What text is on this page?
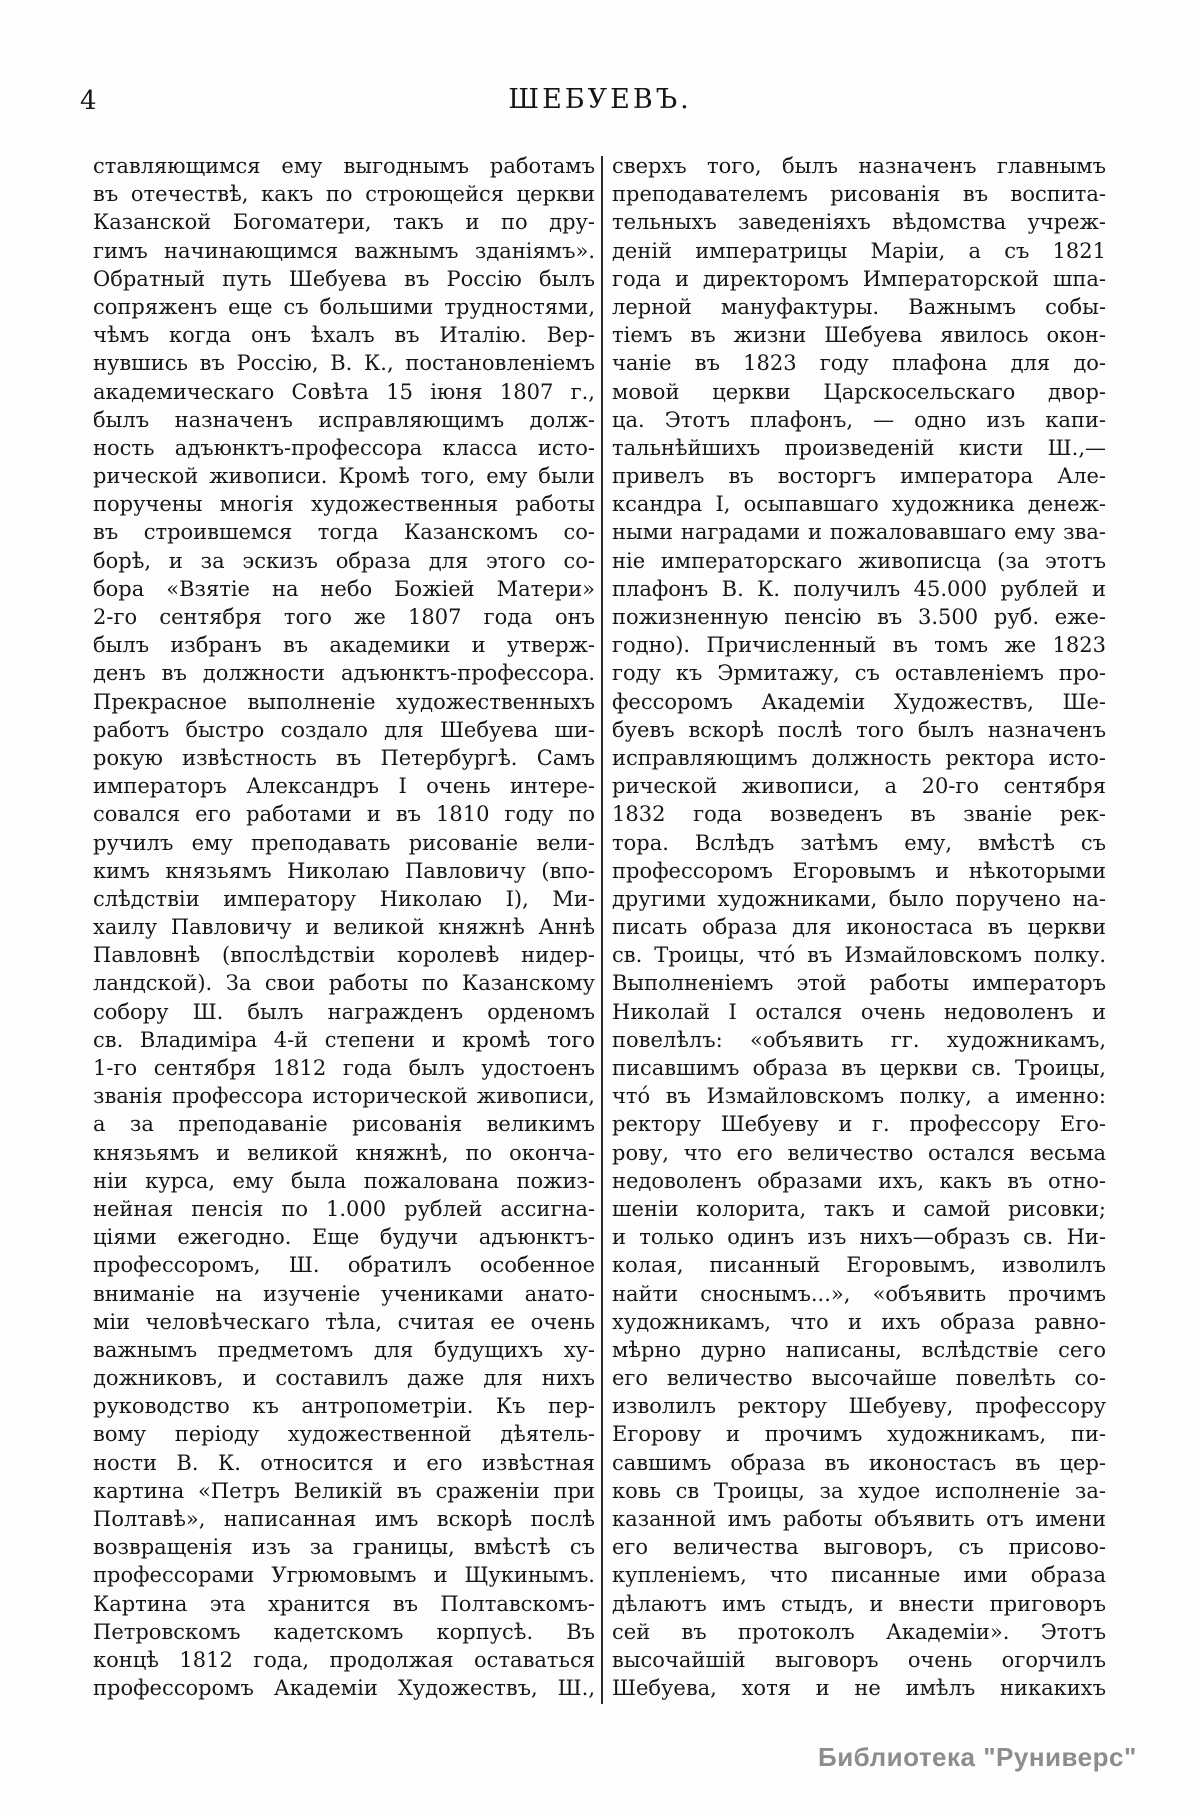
4	ШЕБУЕВЪ.
ставляющимся ему выгоднымъ работамъ
въ отечествѣ, какъ по строющейся церкви
Казанской Богоматери, такъ и по дру-
гимъ начинающимся важнымъ зданіямъ».
Обратный путь Шебуева въ Россію былъ
сопряженъ еще съ большими трудностями,
чѣмъ когда онъ ѣхалъ въ Италію. Вер-
нувшись въ Россію, В. К., постановленіемъ
академическаго Совѣта 15 іюня 1807 г.,
былъ назначенъ исправляющимъ долж-
ность адъюнктъ-профессора класса исто-
рической живописи. Кромѣ того, ему были
поручены многія художественныя работы
въ строившемся тогда Казанскомъ со-
борѣ, и за эскизъ образа для этого со-
бора «Взятіе на небо Божіей Матери»
2-го сентября того же 1807 года онъ
былъ избранъ въ академики и утверж-
денъ въ должности адъюнктъ-профессора.
Прекрасное выполненіе художественныхъ
работъ быстро создало для Шебуева ши-
рокую извѣстность въ Петербургѣ. Самъ
императоръ Александръ I очень интере-
совался его работами и въ 1810 году по
ручилъ ему преподавать рисованіе вели-
кимъ князьямъ Николаю Павловичу (впо-
слѣдствіи императору Николаю I), Ми-
хаилу Павловичу и великой княжнѣ Аннѣ
Павловнѣ (впослѣдствіи королевѣ нидер-
ландской). За свои работы по Казанскому
собору Ш. былъ награжденъ орденомъ
св. Владиміра 4-й степени и кромѣ того
1-го сентября 1812 года былъ удостоенъ
званія профессора исторической живописи,
а за преподаваніе рисованія великимъ
князьямъ и великой княжнѣ, по оконча-
ніи курса, ему была пожалована пожиз-
нейная пенсія по 1.000 рублей ассигна-
ціями ежегодно. Еще будучи адъюнктъ-
профессоромъ, Ш. обратилъ особенное
вниманіе на изученіе учениками анато-
міи человѣческаго тѣла, считая ее очень
важнымъ предметомъ для будущихъ ху-
дожниковъ, и составилъ даже для нихъ
руководство къ антропометріи. Къ пер-
вому періоду художественной дѣятель-
ности В. К. относится и его извѣстная
картина «Петръ Великій въ сраженіи при
Полтавѣ», написанная имъ вскорѣ послѣ
возвращенія изъ за границы, вмѣстѣ съ
профессорами Угрюмовымъ и Щукинымъ.
Картина эта хранится въ Полтавскомъ-
Петровскомъ кадетскомъ корпусѣ. Въ
концѣ 1812 года, продолжая оставаться
профессоромъ Академіи Художествъ, Ш.,
сверхъ того, былъ назначенъ главнымъ
преподавателемъ рисованія въ воспита-
тельныхъ заведеніяхъ вѣдомства учреж-
деній императрицы Маріи, а съ 1821
года и директоромъ Императорской шпа-
лерной мануфактуры. Важнымъ собы-
тіемъ въ жизни Шебуева явилось окон-
чаніе въ 1823 году плафона для до-
мовой церкви Царскосельскаго двор-
ца. Этотъ плафонъ, — одно изъ капи-
тальнѣйшихъ произведеній кисти Ш.,—
привелъ въ восторгъ императора Але-
ксандра I, осыпавшаго художника денеж-
ными наградами и пожаловавшаго ему зва-
ніе императорскаго живописца (за этотъ
плафонъ В. К. получилъ 45.000 рублей и
пожизненную пенсію въ 3.500 руб. еже-
годно). Причисленный въ томъ же 1823
году къ Эрмитажу, съ оставленіемъ про-
фессоромъ Академіи Художествъ, Ше-
буевъ вскорѣ послѣ того былъ назначенъ
исправляющимъ должность ректора исто-
рической живописи, а 20-го сентября
1832 года возведенъ въ званіе рек-
тора. Вслѣдъ затѣмъ ему, вмѣстѣ съ
профессоромъ Егоровымъ и нѣкоторыми
другими художниками, было поручено на-
писать образа для иконостаса въ церкви
св. Троицы, что́ въ Измайловскомъ полку.
Выполненіемъ этой работы императоръ
Николай I остался очень недоволенъ и
повелѣлъ: «объявить гг. художникамъ,
писавшимъ образа въ церкви св. Троицы,
что́ въ Измайловскомъ полку, а именно:
ректору Шебуеву и г. профессору Его-
рову, что его величество остался весьма
недоволенъ образами ихъ, какъ въ отно-
шеніи колорита, такъ и самой рисовки;
и только одинъ изъ нихъ—образъ св. Ни-
колая, писанный Егоровымъ, изволилъ
найти сноснымъ...», «объявить прочимъ
художникамъ, что и ихъ образа равно-
мѣрно дурно написаны, вслѣдствіе сего
его величество высочайше повелѣть со-
изволилъ ректору Шебуеву, профессору
Егорову и прочимъ художникамъ, пи-
савшимъ образа въ иконостасъ въ цер-
ковь св Троицы, за худое исполненіе за-
казанной имъ работы объявить отъ имени
его величества выговоръ, съ присово-
купленіемъ, что писанные ими образа
дѣлаютъ имъ стыдъ, и внести приговоръ
сей въ протоколъ Академіи». Этотъ
высочайшій выговоръ очень огорчилъ
Шебуева, хотя и не имѣлъ никакихъ
Библиотека "Руниверс"
